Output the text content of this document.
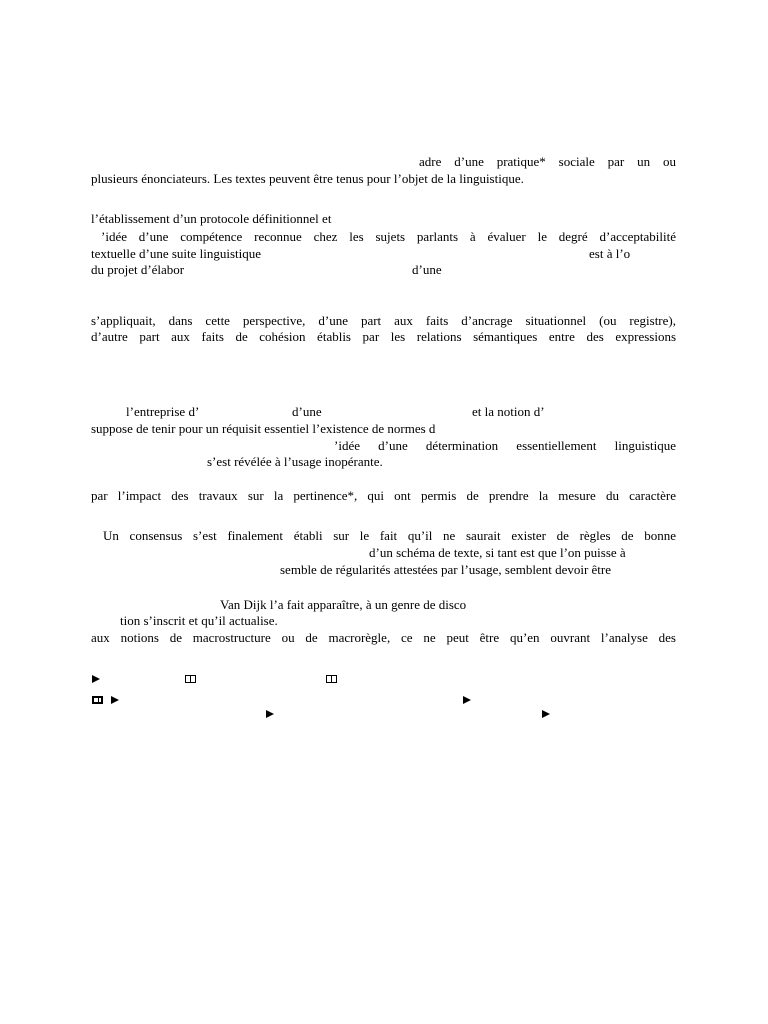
adre d’une pratique* sociale par un ou
plusieurs énonciateurs. Les textes peuvent être tenus pour l’objet de la linguistique.
l’établissement d’un protocole définitionnel et
’idée d’une compétence reconnue chez les sujets parlants à évaluer le degré d’acceptabilité
textuelle d’une suite linguistique	est à l’o
du projet d’élabor	d’une
s’appliquait, dans cette perspective, d’une part aux faits d’ancrage situationnel (ou registre),
d’autre part aux faits de cohésion établis par les relations sémantiques entre des expressions
l’entreprise d’	d’une	et la notion d’
suppose de tenir pour un réquisit essentiel l’existence de normes d
’idée d’une détermination essentiellement linguistique
s’est révélée à l’usage inopérante.
par l’impact des travaux sur la pertinence*, qui ont permis de prendre la mesure du caractère
Un consensus s’est finalement établi sur le fait qu’il ne saurait exister de règles de bonne
d’un schéma de texte, si tant est que l’on puisse à
semble de régularités attestées par l’usage, semblent devoir être
Van Dijk l’a fait apparaître, à un genre de disco
tion s’inscrit et qu’il actualise.
aux notions de macrostructure ou de macrorègle, ce ne peut être qu’en ouvrant l’analyse des
